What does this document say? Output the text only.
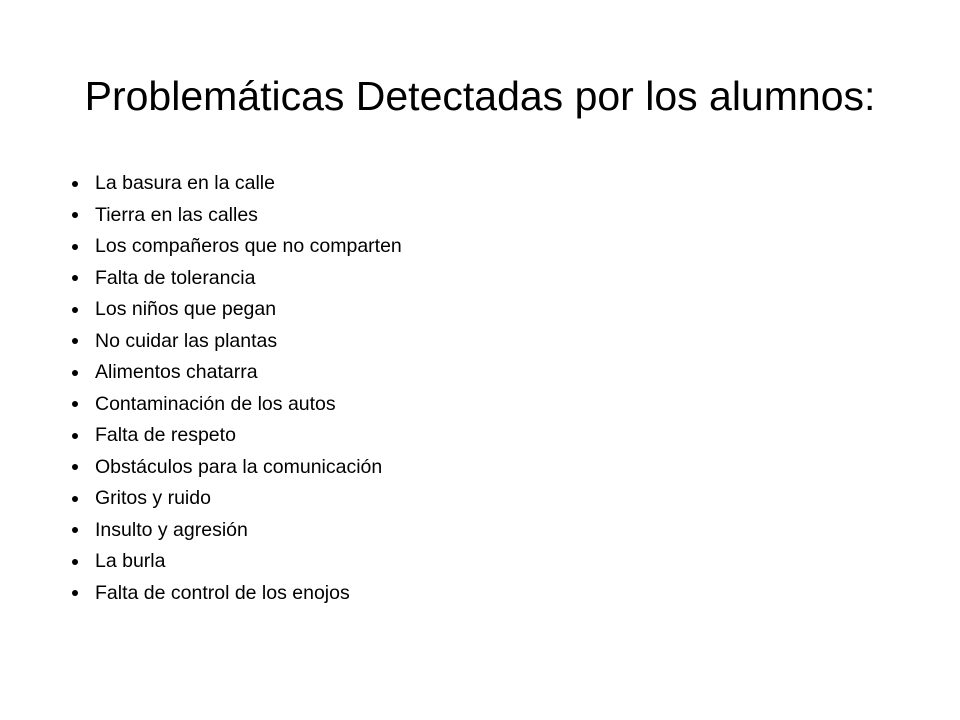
Problemáticas Detectadas por los alumnos:
La basura en la calle
Tierra en las calles
Los compañeros que no comparten
Falta de tolerancia
Los niños que pegan
No cuidar las plantas
Alimentos chatarra
Contaminación de los autos
Falta de respeto
Obstáculos para la comunicación
Gritos y ruido
Insulto y agresión
La burla
Falta de control de los enojos
